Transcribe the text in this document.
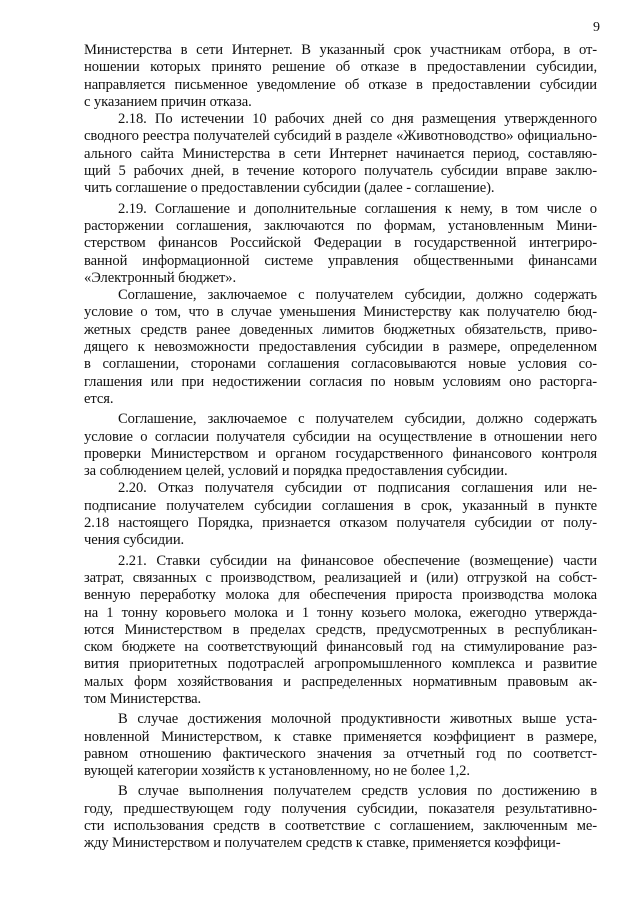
9
Министерства в сети Интернет. В указанный срок участникам отбора, в от-
ношении которых принято решение об отказе в предоставлении субсидии,
направляется письменное уведомление об отказе в предоставлении субсидии
с указанием причин отказа.
2.18. По истечении 10 рабочих дней со дня размещения утвержденного
сводного реестра получателей субсидий в разделе «Животноводство» официально-
ального сайта Министерства в сети Интернет начинается период, составляю-
щий 5 рабочих дней, в течение которого получатель субсидии вправе заклю-
чить соглашение о предоставлении субсидии (далее - соглашение).
2.19. Соглашение и дополнительные соглашения к нему, в том числе о
расторжении соглашения, заключаются по формам, установленным Мини-
стерством финансов Российской Федерации в государственной интегриро-
ванной информационной системе управления общественными финансами
«Электронный бюджет».
Соглашение, заключаемое с получателем субсидии, должно содержать
условие о том, что в случае уменьшения Министерству как получателю бюд-
жетных средств ранее доведенных лимитов бюджетных обязательств, приво-
дящего к невозможности предоставления субсидии в размере, определенном
в соглашении, сторонами соглашения согласовываются новые условия со-
глашения или при недостижении согласия по новым условиям оно расторга-
ется.
Соглашение, заключаемое с получателем субсидии, должно содержать
условие о согласии получателя субсидии на осуществление в отношении него
проверки Министерством и органом государственного финансового контроля
за соблюдением целей, условий и порядка предоставления субсидии.
2.20. Отказ получателя субсидии от подписания соглашения или не-
подписание получателем субсидии соглашения в срок, указанный в пункте
2.18 настоящего Порядка, признается отказом получателя субсидии от полу-
чения субсидии.
2.21. Ставки субсидии на финансовое обеспечение (возмещение) части
затрат, связанных с производством, реализацией и (или) отгрузкой на собст-
венную переработку молока для обеспечения прироста производства молока
на 1 тонну коровьего молока и 1 тонну козьего молока, ежегодно утвержда-
ются Министерством в пределах средств, предусмотренных в республикан-
ском бюджете на соответствующий финансовый год на стимулирование раз-
вития приоритетных подотраслей агропромышленного комплекса и развитие
малых форм хозяйствования и распределенных нормативным правовым ак-
том Министерства.
В случае достижения молочной продуктивности животных выше уста-
новленной Министерством, к ставке применяется коэффициент в размере,
равном отношению фактического значения за отчетный год по соответст-
вующей категории хозяйств к установленному, но не более 1,2.
В случае выполнения получателем средств условия по достижению в
году, предшествующем году получения субсидии, показателя результативно-
сти использования средств в соответствие с соглашением, заключенным ме-
жду Министерством и получателем средств к ставке, применяется коэффици-
